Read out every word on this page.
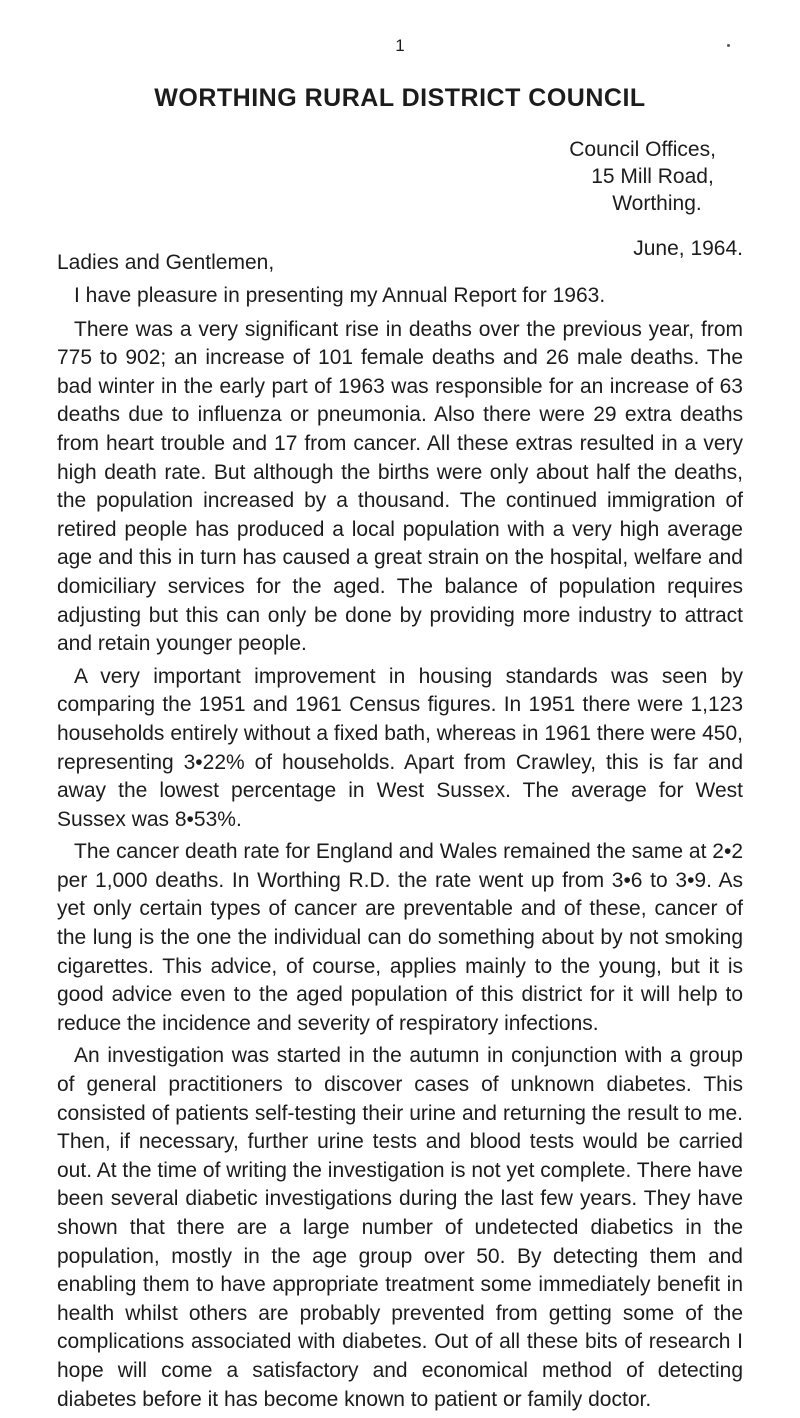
1
WORTHING RURAL DISTRICT COUNCIL
Council Offices,
15 Mill Road,
Worthing.
June, 1964.
Ladies and Gentlemen,

I have pleasure in presenting my Annual Report for 1963.

There was a very significant rise in deaths over the previous year, from 775 to 902; an increase of 101 female deaths and 26 male deaths. The bad winter in the early part of 1963 was responsible for an increase of 63 deaths due to influenza or pneumonia. Also there were 29 extra deaths from heart trouble and 17 from cancer. All these extras resulted in a very high death rate. But although the births were only about half the deaths, the population increased by a thousand. The continued immigration of retired people has produced a local population with a very high average age and this in turn has caused a great strain on the hospital, welfare and domiciliary services for the aged. The balance of population requires adjusting but this can only be done by providing more industry to attract and retain younger people.

A very important improvement in housing standards was seen by comparing the 1951 and 1961 Census figures. In 1951 there were 1,123 households entirely without a fixed bath, whereas in 1961 there were 450, representing 3•22% of households. Apart from Crawley, this is far and away the lowest percentage in West Sussex. The average for West Sussex was 8•53%.

The cancer death rate for England and Wales remained the same at 2•2 per 1,000 deaths. In Worthing R.D. the rate went up from 3•6 to 3•9. As yet only certain types of cancer are preventable and of these, cancer of the lung is the one the individual can do something about by not smoking cigarettes. This advice, of course, applies mainly to the young, but it is good advice even to the aged population of this district for it will help to reduce the incidence and severity of respiratory infections.

An investigation was started in the autumn in conjunction with a group of general practitioners to discover cases of unknown diabetes. This consisted of patients self-testing their urine and returning the result to me. Then, if necessary, further urine tests and blood tests would be carried out. At the time of writing the investigation is not yet complete. There have been several diabetic investigations during the last few years. They have shown that there are a large number of undetected diabetics in the population, mostly in the age group over 50. By detecting them and enabling them to have appropriate treatment some immediately benefit in health whilst others are probably prevented from getting some of the complications associated with diabetes. Out of all these bits of research I hope will come a satisfactory and economical method of detecting diabetes before it has become known to patient or family doctor.
